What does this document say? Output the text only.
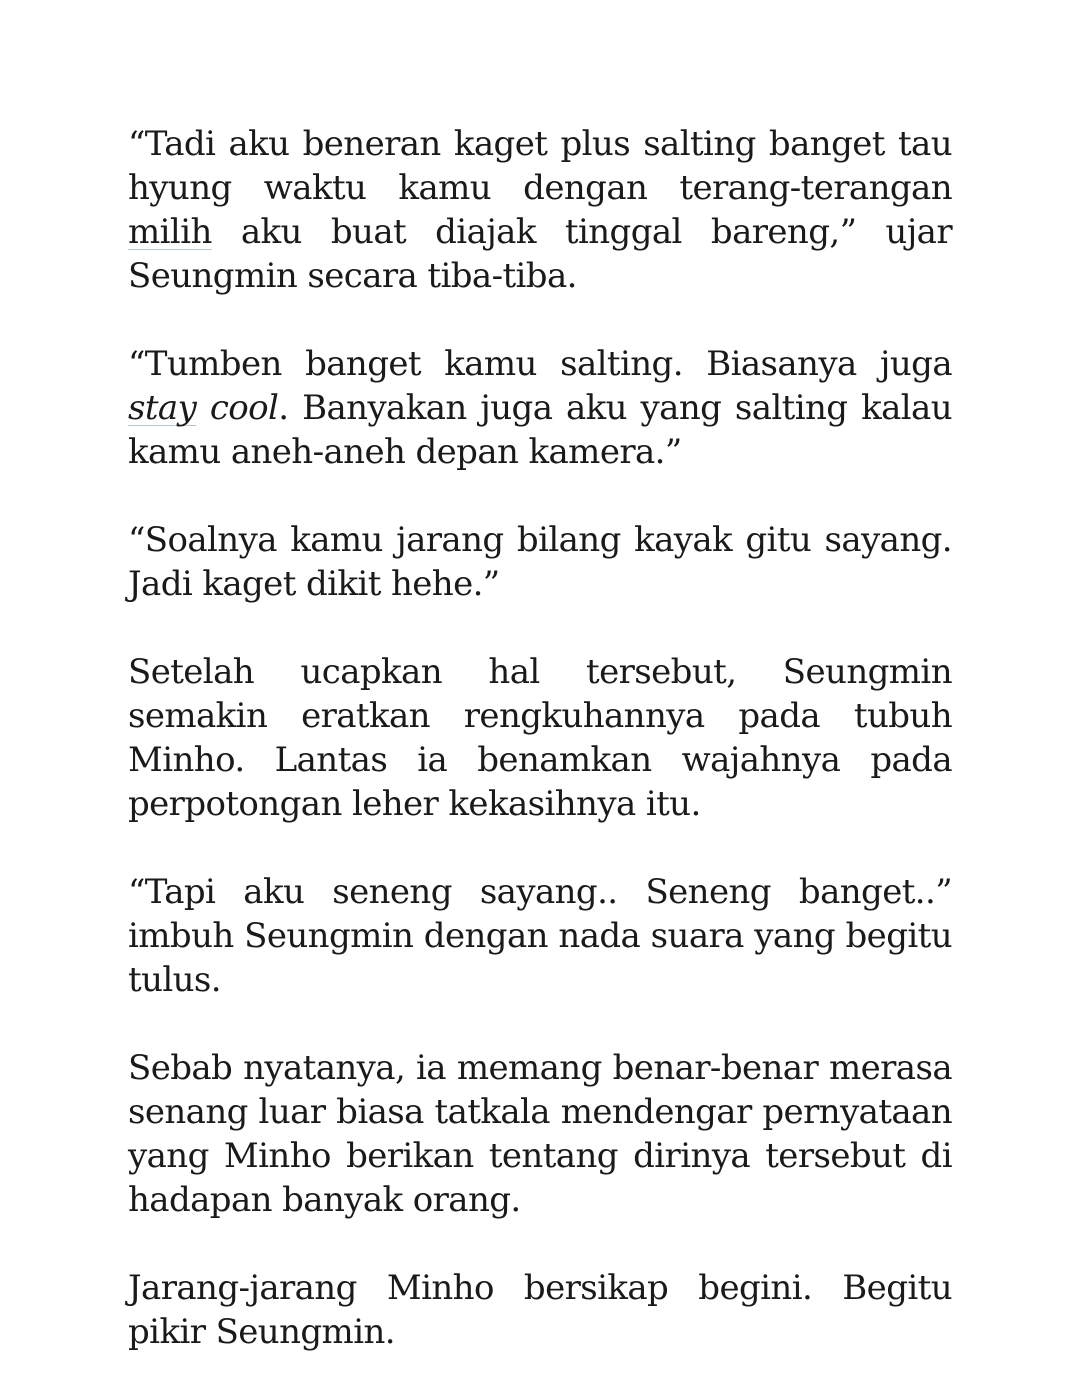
“Tadi aku beneran kaget plus salting banget tau hyung waktu kamu dengan terang-terangan milih aku buat diajak tinggal bareng,” ujar Seungmin secara tiba-tiba.

“Tumben banget kamu salting. Biasanya juga stay cool. Banyakan juga aku yang salting kalau kamu aneh-aneh depan kamera.”

“Soalnya kamu jarang bilang kayak gitu sayang. Jadi kaget dikit hehe.”

Setelah ucapkan hal tersebut, Seungmin semakin eratkan rengkuhannya pada tubuh Minho. Lantas ia benamkan wajahnya pada perpotongan leher kekasihnya itu.

“Tapi aku seneng sayang.. Seneng banget..” imbuh Seungmin dengan nada suara yang begitu tulus.

Sebab nyatanya, ia memang benar-benar merasa senang luar biasa tatkala mendengar pernyataan yang Minho berikan tentang dirinya tersebut di hadapan banyak orang.

Jarang-jarang Minho bersikap begini. Begitu pikir Seungmin.
